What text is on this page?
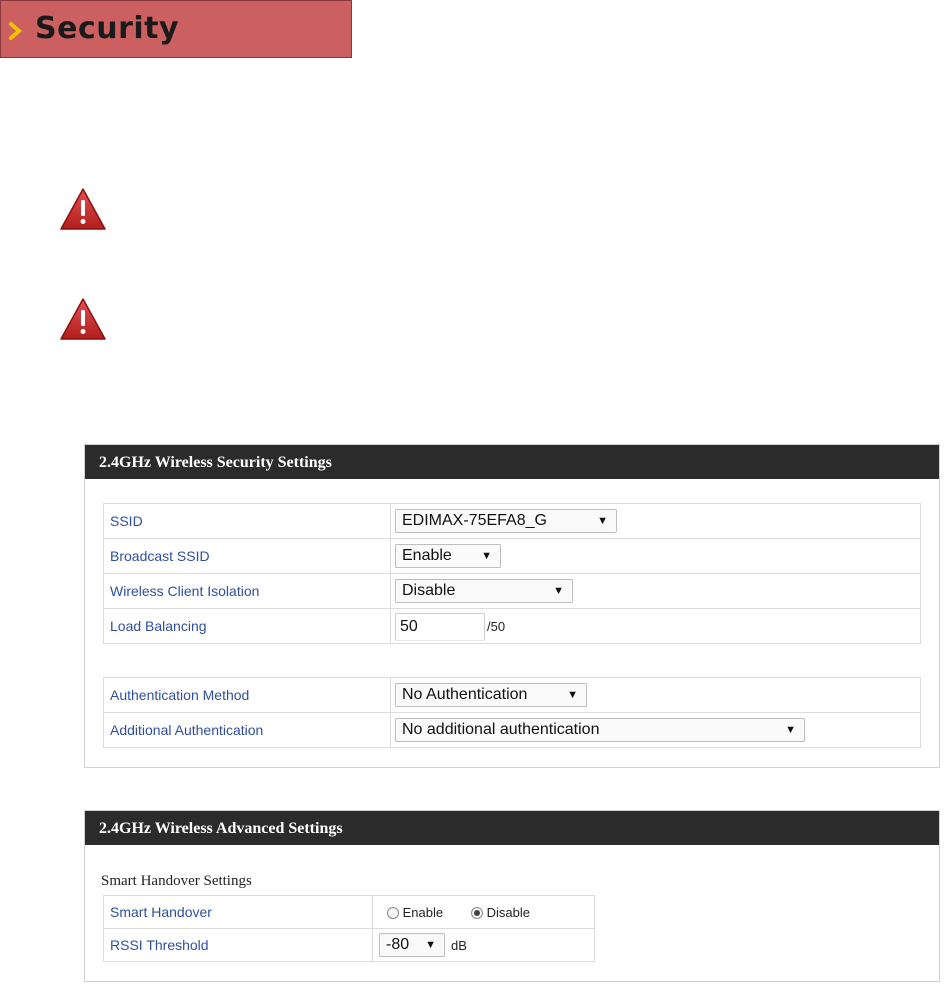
Security
2.4GHz Wireless Security Settings
SSID	EDIMAX-75EFA8_G ▼

Broadcast SSID	Enable ▼

Wireless Client Isolation	Disable ▼

Load Balancing	50 /50
Authentication Method	No Authentication ▼

Additional Authentication	No additional authentication ▼
2.4GHz Wireless Advanced Settings
Smart Handover Settings
Smart Handover	Enable Disable

RSSI Threshold	-80 ▼ dB
